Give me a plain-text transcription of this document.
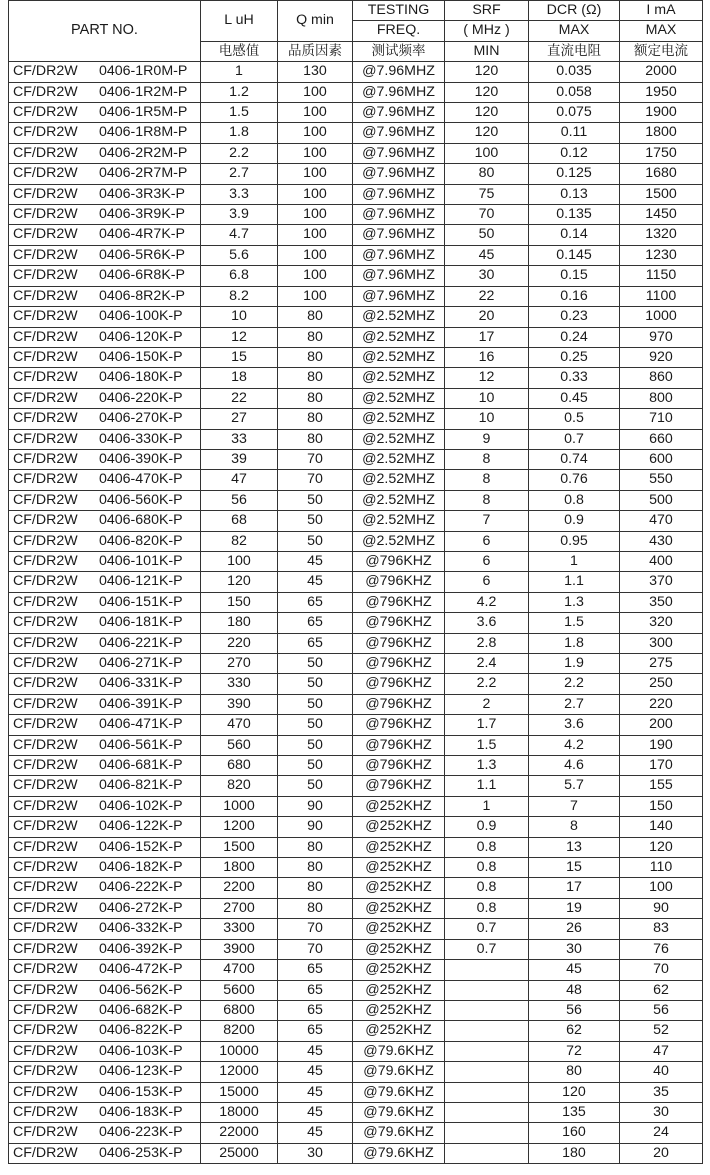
PART NO.	L uH	Q min	TESTING	SRF	DCR (Ω)	I mA
			FREQ.	( MHz )	MAX	MAX
	电感值	品质因素	测试频率	MIN	直流电阻	额定电流
CF/DR2W 0406-1R0M-P	1	130	@7.96MHZ	120	0.035	2000
CF/DR2W 0406-1R2M-P	1.2	100	@7.96MHZ	120	0.058	1950
CF/DR2W 0406-1R5M-P	1.5	100	@7.96MHZ	120	0.075	1900
CF/DR2W 0406-1R8M-P	1.8	100	@7.96MHZ	120	0.11	1800
CF/DR2W 0406-2R2M-P	2.2	100	@7.96MHZ	100	0.12	1750
CF/DR2W 0406-2R7M-P	2.7	100	@7.96MHZ	80	0.125	1680
CF/DR2W 0406-3R3K-P	3.3	100	@7.96MHZ	75	0.13	1500
CF/DR2W 0406-3R9K-P	3.9	100	@7.96MHZ	70	0.135	1450
CF/DR2W 0406-4R7K-P	4.7	100	@7.96MHZ	50	0.14	1320
CF/DR2W 0406-5R6K-P	5.6	100	@7.96MHZ	45	0.145	1230
CF/DR2W 0406-6R8K-P	6.8	100	@7.96MHZ	30	0.15	1150
CF/DR2W 0406-8R2K-P	8.2	100	@7.96MHZ	22	0.16	1100
CF/DR2W 0406-100K-P	10	80	@2.52MHZ	20	0.23	1000
CF/DR2W 0406-120K-P	12	80	@2.52MHZ	17	0.24	970
CF/DR2W 0406-150K-P	15	80	@2.52MHZ	16	0.25	920
CF/DR2W 0406-180K-P	18	80	@2.52MHZ	12	0.33	860
CF/DR2W 0406-220K-P	22	80	@2.52MHZ	10	0.45	800
CF/DR2W 0406-270K-P	27	80	@2.52MHZ	10	0.5	710
CF/DR2W 0406-330K-P	33	80	@2.52MHZ	9	0.7	660
CF/DR2W 0406-390K-P	39	70	@2.52MHZ	8	0.74	600
CF/DR2W 0406-470K-P	47	70	@2.52MHZ	8	0.76	550
CF/DR2W 0406-560K-P	56	50	@2.52MHZ	8	0.8	500
CF/DR2W 0406-680K-P	68	50	@2.52MHZ	7	0.9	470
CF/DR2W 0406-820K-P	82	50	@2.52MHZ	6	0.95	430
CF/DR2W 0406-101K-P	100	45	@796KHZ	6	1	400
CF/DR2W 0406-121K-P	120	45	@796KHZ	6	1.1	370
CF/DR2W 0406-151K-P	150	65	@796KHZ	4.2	1.3	350
CF/DR2W 0406-181K-P	180	65	@796KHZ	3.6	1.5	320
CF/DR2W 0406-221K-P	220	65	@796KHZ	2.8	1.8	300
CF/DR2W 0406-271K-P	270	50	@796KHZ	2.4	1.9	275
CF/DR2W 0406-331K-P	330	50	@796KHZ	2.2	2.2	250
CF/DR2W 0406-391K-P	390	50	@796KHZ	2	2.7	220
CF/DR2W 0406-471K-P	470	50	@796KHZ	1.7	3.6	200
CF/DR2W 0406-561K-P	560	50	@796KHZ	1.5	4.2	190
CF/DR2W 0406-681K-P	680	50	@796KHZ	1.3	4.6	170
CF/DR2W 0406-821K-P	820	50	@796KHZ	1.1	5.7	155
CF/DR2W 0406-102K-P	1000	90	@252KHZ	1	7	150
CF/DR2W 0406-122K-P	1200	90	@252KHZ	0.9	8	140
CF/DR2W 0406-152K-P	1500	80	@252KHZ	0.8	13	120
CF/DR2W 0406-182K-P	1800	80	@252KHZ	0.8	15	110
CF/DR2W 0406-222K-P	2200	80	@252KHZ	0.8	17	100
CF/DR2W 0406-272K-P	2700	80	@252KHZ	0.8	19	90
CF/DR2W 0406-332K-P	3300	70	@252KHZ	0.7	26	83
CF/DR2W 0406-392K-P	3900	70	@252KHZ	0.7	30	76
CF/DR2W 0406-472K-P	4700	65	@252KHZ		45	70
CF/DR2W 0406-562K-P	5600	65	@252KHZ		48	62
CF/DR2W 0406-682K-P	6800	65	@252KHZ		56	56
CF/DR2W 0406-822K-P	8200	65	@252KHZ		62	52
CF/DR2W 0406-103K-P	10000	45	@79.6KHZ		72	47
CF/DR2W 0406-123K-P	12000	45	@79.6KHZ		80	40
CF/DR2W 0406-153K-P	15000	45	@79.6KHZ		120	35
CF/DR2W 0406-183K-P	18000	45	@79.6KHZ		135	30
CF/DR2W 0406-223K-P	22000	45	@79.6KHZ		160	24
CF/DR2W 0406-253K-P	25000	30	@79.6KHZ		180	20
